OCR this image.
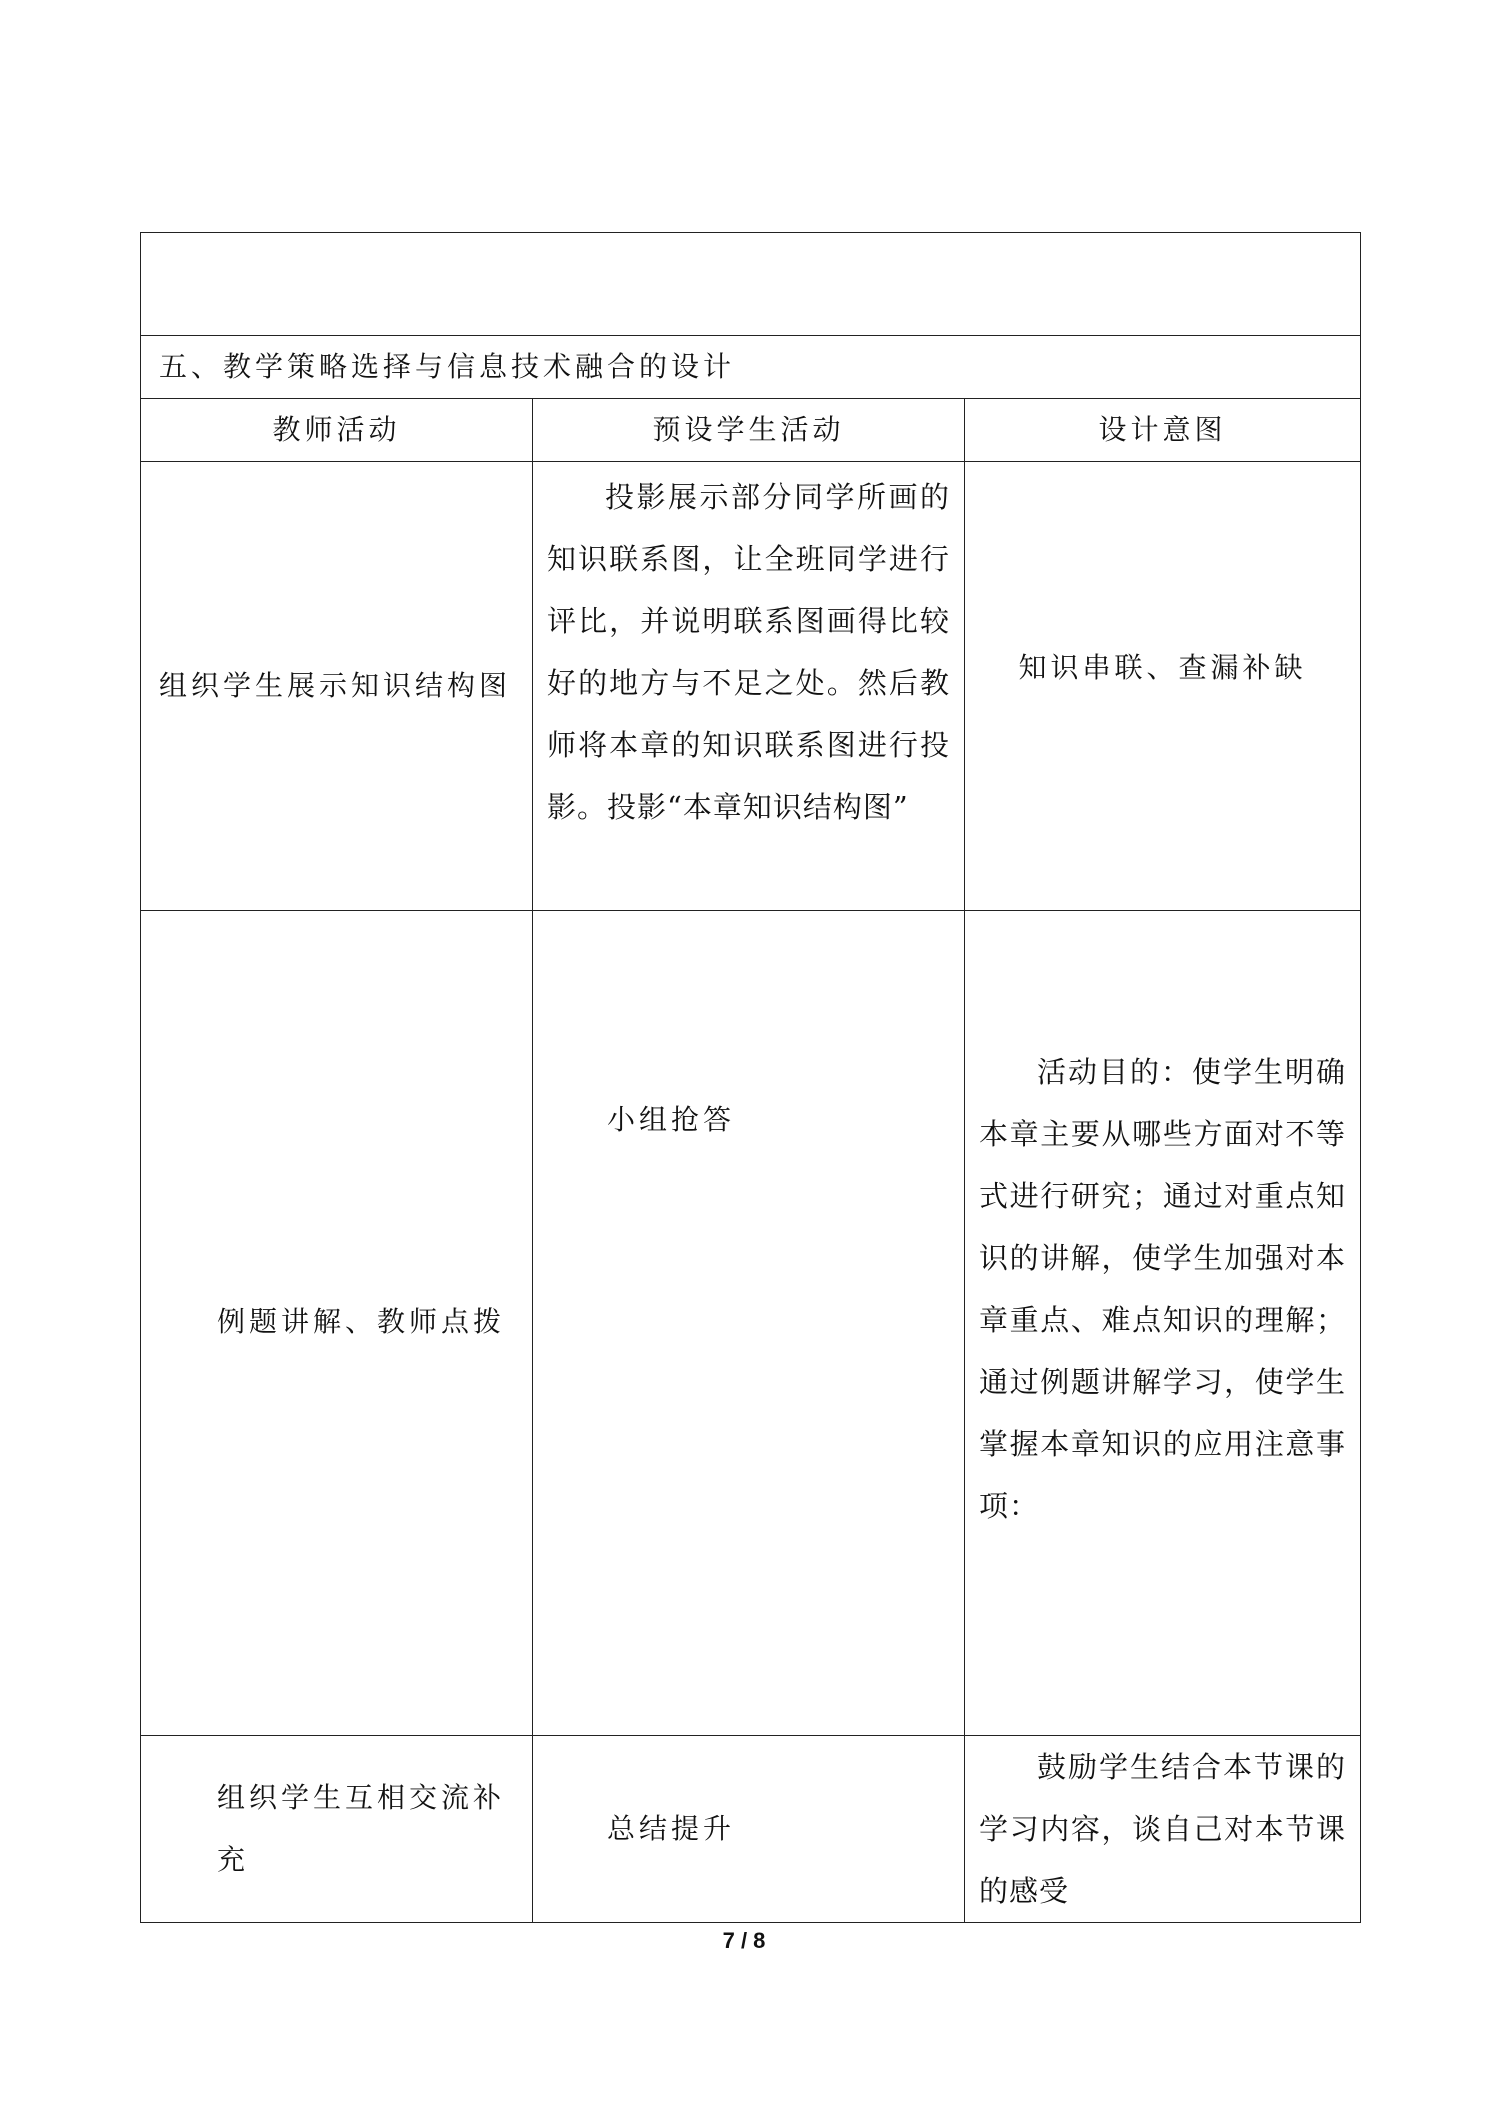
五、教学策略选择与信息技术融合的设计		
教师活动	预设学生活动	设计意图

组织学生展示知识结构图	投影展示部分同学所画的知识联系图，让全班同学进行评比，并说明联系图画得比较好的地方与不足之处。然后教师将本章的知识联系图进行投影。投影“本章知识结构图”	知识串联、查漏补缺

例题讲解、教师点拨	小组抢答	活动目的：使学生明确本章主要从哪些方面对不等式进行研究；通过对重点知识的讲解，使学生加强对本章重点、难点知识的理解；通过例题讲解学习，使学生掌握本章知识的应用注意事项：

组织学生互相交流补充	总结提升	鼓励学生结合本节课的学习内容，谈自己对本节课的感受
7 / 8
